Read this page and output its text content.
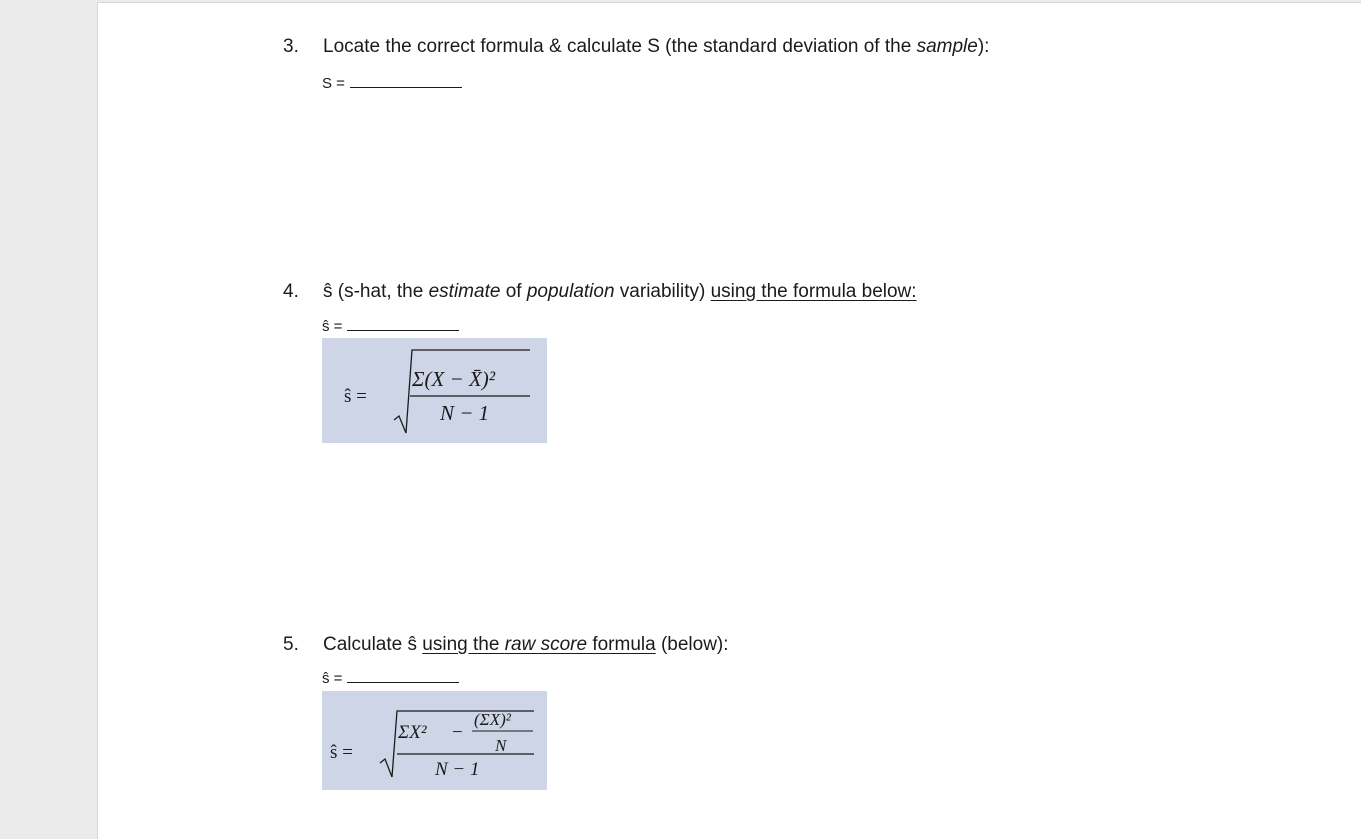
3. Locate the correct formula & calculate S (the standard deviation of the sample):
S =
4. ŝ (s-hat, the estimate of population variability) using the formula below:
ŝ =
ŝ =
Σ(X − X̄)²
N − 1
5. Calculate ŝ using the raw score formula (below):
ŝ =
ŝ =
ΣX² −
(ΣX)²
N
N − 1
